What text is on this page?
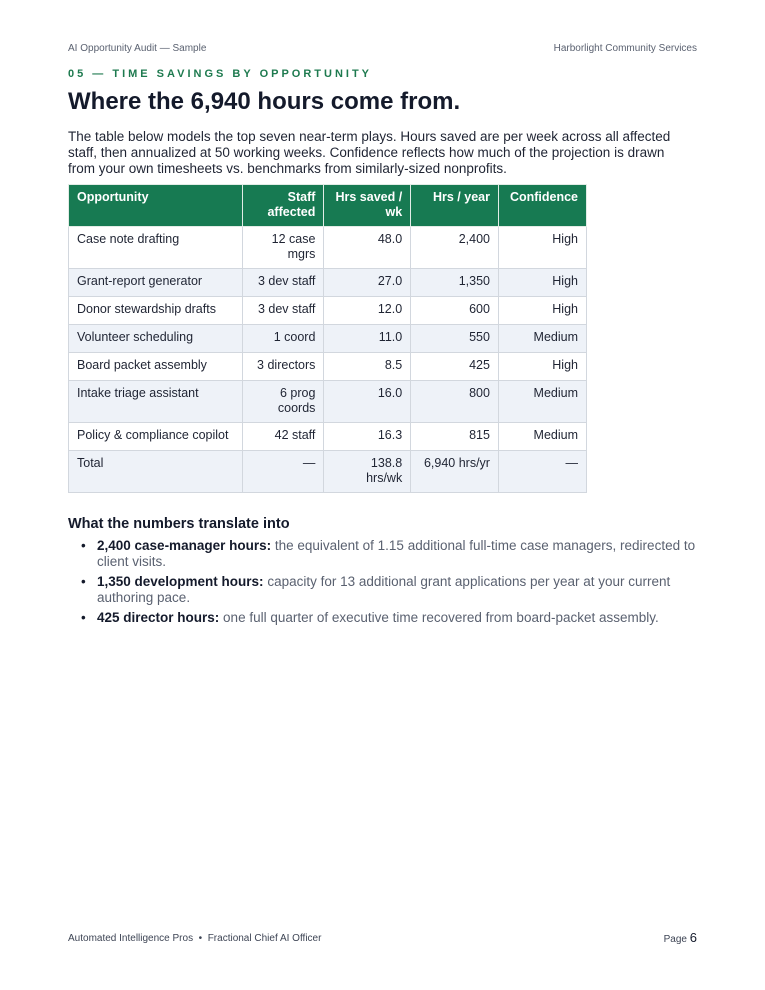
AI Opportunity Audit — Sample	Harborlight Community Services
05 — TIME SAVINGS BY OPPORTUNITY
Where the 6,940 hours come from.

The table below models the top seven near-term plays. Hours saved are per week across all affected staff, then annualized at 50 working weeks. Confidence reflects how much of the projection is drawn from your own timesheets vs. benchmarks from similarly-sized nonprofits.

Opportunity	Staff affected	Hrs saved / wk	Hrs / year	Confidence
Case note drafting	12 case mgrs	48.0	2,400	High
Grant-report generator	3 dev staff	27.0	1,350	High
Donor stewardship drafts	3 dev staff	12.0	600	High
Volunteer scheduling	1 coord	11.0	550	Medium
Board packet assembly	3 directors	8.5	425	High
Intake triage assistant	6 prog coords	16.0	800	Medium
Policy & compliance copilot	42 staff	16.3	815	Medium
Total	—	138.8 hrs/wk	6,940 hrs/yr	—
What the numbers translate into
• 2,400 case-manager hours: the equivalent of 1.15 additional full-time case managers, redirected to client visits.
• 1,350 development hours: capacity for 13 additional grant applications per year at your current authoring pace.
• 425 director hours: one full quarter of executive time recovered from board-packet assembly.
Automated Intelligence Pros  •  Fractional Chief AI Officer	Page 6
